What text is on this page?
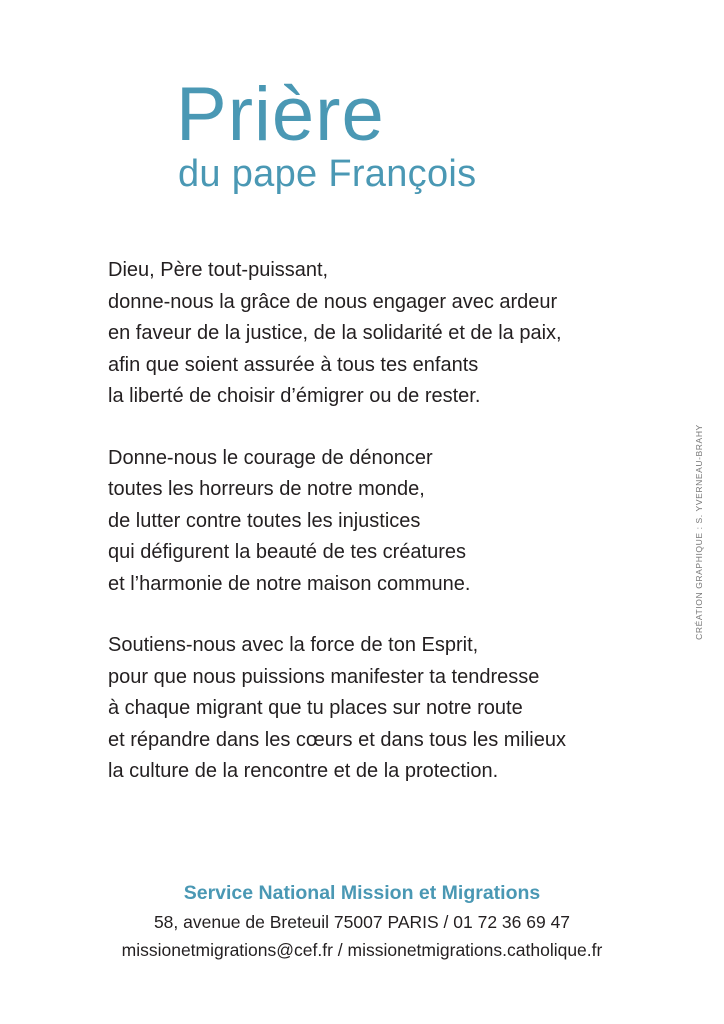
Prière
du pape François

Dieu, Père tout-puissant,
donne-nous la grâce de nous engager avec ardeur
en faveur de la justice, de la solidarité et de la paix,
afin que soient assurée à tous tes enfants
la liberté de choisir d’émigrer ou de rester.

Donne-nous le courage de dénoncer
toutes les horreurs de notre monde,
de lutter contre toutes les injustices
qui défigurent la beauté de tes créatures
et l’harmonie de notre maison commune.

Soutiens-nous avec la force de ton Esprit,
pour que nous puissions manifester ta tendresse
à chaque migrant que tu places sur notre route
et répandre dans les cœurs et dans tous les milieux
la culture de la rencontre et de la protection.

CRÉATION GRAPHIQUE : S. YVERNEAU-BRAHY
Service National Mission et Migrations
58, avenue de Breteuil 75007 PARIS / 01 72 36 69 47
missionetmigrations@cef.fr / missionetmigrations.catholique.fr
